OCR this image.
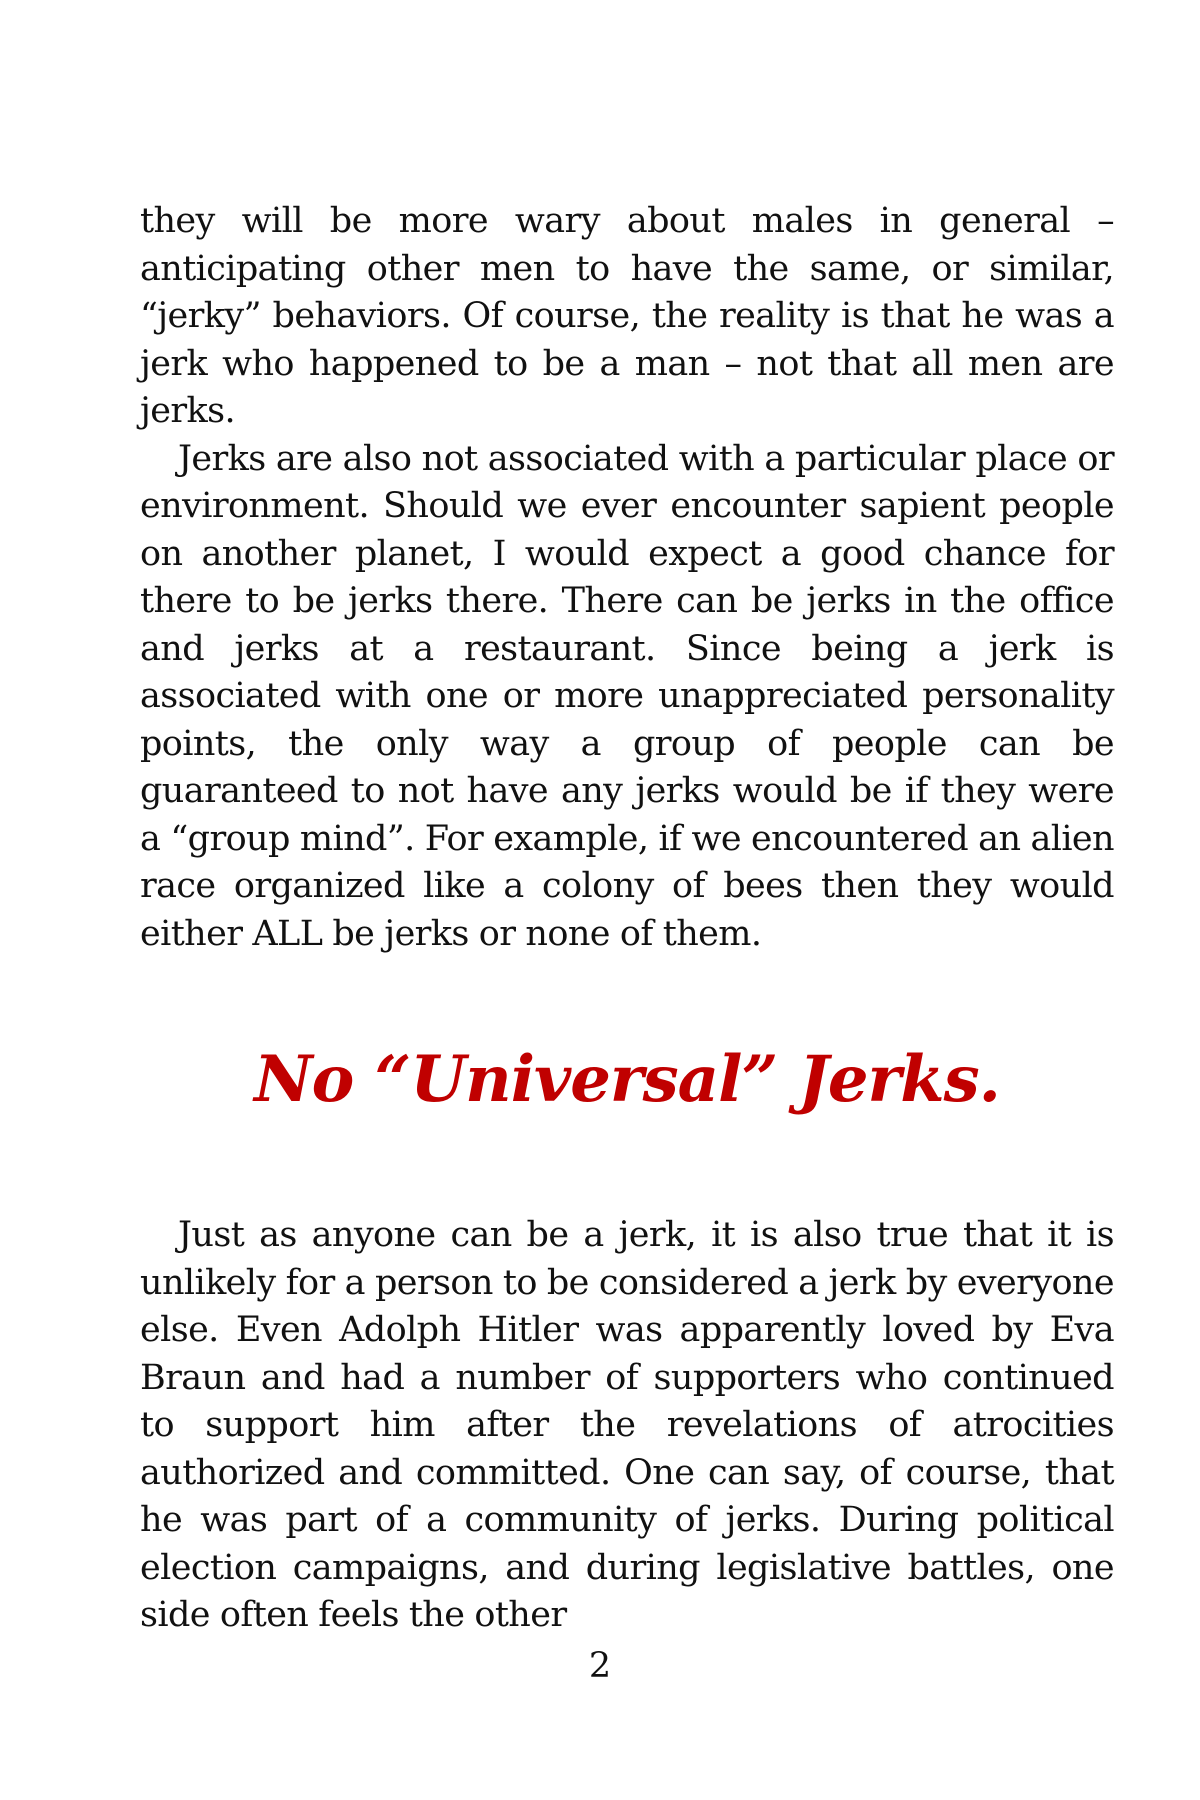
they will be more wary about males in general – anticipating other men to have the same, or similar, “jerky” behaviors. Of course, the reality is that he was a jerk who happened to be a man – not that all men are jerks.

Jerks are also not associated with a particular place or environment. Should we ever encounter sapient people on another planet, I would expect a good chance for there to be jerks there. There can be jerks in the office and jerks at a restaurant. Since being a jerk is associated with one or more unappreciated personality points, the only way a group of people can be guaranteed to not have any jerks would be if they were a “group mind”. For example, if we encountered an alien race organized like a colony of bees then they would either ALL be jerks or none of them.

No “Universal” Jerks.

Just as anyone can be a jerk, it is also true that it is unlikely for a person to be considered a jerk by everyone else. Even Adolph Hitler was apparently loved by Eva Braun and had a number of supporters who continued to support him after the revelations of atrocities authorized and committed. One can say, of course, that he was part of a community of jerks. During political election campaigns, and during legislative battles, one side often feels the other

2
